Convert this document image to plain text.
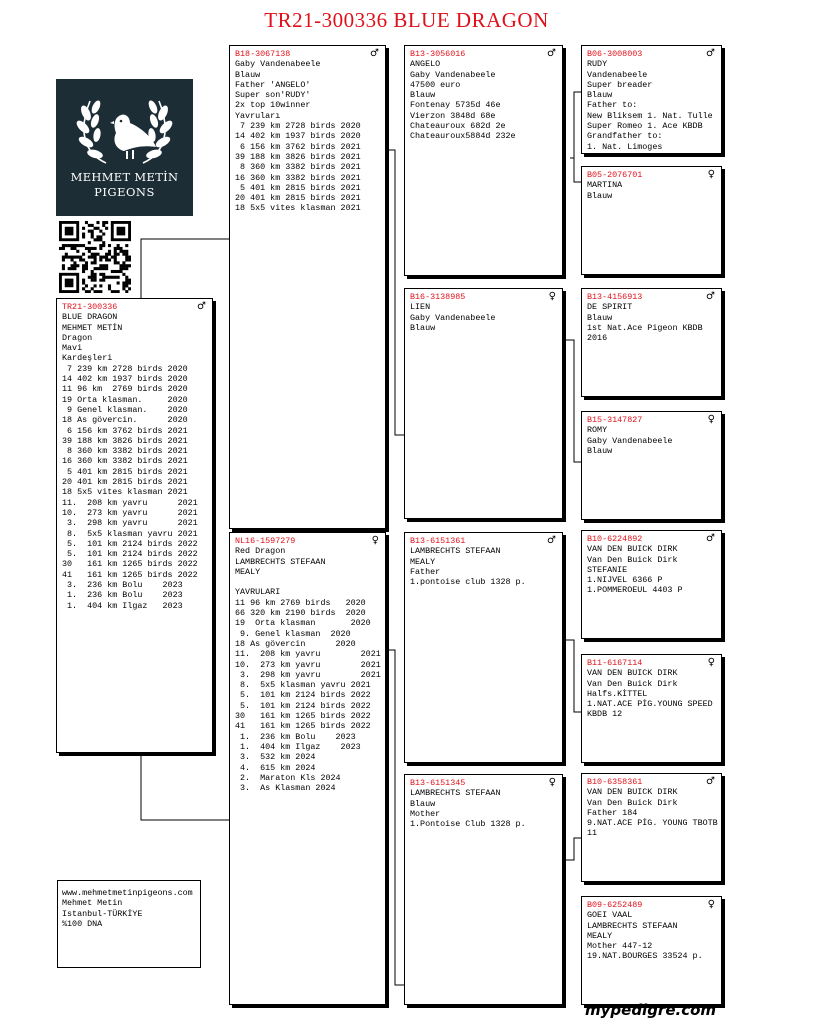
TR21-300336 BLUE DRAGON
MEHMET METİN
PIGEONS
TR21-300336	♂
BLUE DRAGON
MEHMET METİN
Dragon
Mavi
Kardeşleri
7 239 km 2728 birds 2020
14 402 km 1937 birds 2020
11 96 km  2769 birds 2020
19 Orta klasman.     2020
9 Genel klasman.    2020
18 As gövercin.      2020
6 156 km 3762 birds 2021
39 188 km 3826 birds 2021
8 360 km 3382 birds 2021
16 360 km 3382 birds 2021
5 401 km 2815 birds 2021
20 401 km 2815 birds 2021
18 5x5 vites klasman 2021
11.  208 km yavru      2021
10.  273 km yavru      2021
3.  298 km yavru      2021
8.  5x5 klasman yavru 2021
5.  101 km 2124 birds 2022
5.  101 km 2124 birds 2022
30   161 km 1265 birds 2022
41   161 km 1265 birds 2022
3.  236 km Bolu    2023
1.  236 km Bolu    2023
1.  404 km Ilgaz   2023
B18-3067138	♂
Gaby Vandenabeele
Blauw
Father 'ANGELO'
Super son'RUDY'
2x top 10winner
Yavruları
7 239 km 2728 birds 2020
14 402 km 1937 birds 2020
6 156 km 3762 birds 2021
39 188 km 3826 birds 2021
8 360 km 3382 birds 2021
16 360 km 3382 birds 2021
5 401 km 2815 birds 2021
20 401 km 2815 birds 2021
18 5x5 vites klasman 2021
NL16-1597279	♀
Red Dragon
LAMBRECHTS STEFAAN
MEALY

YAVRULARI
11 96 km 2769 birds   2020
66 320 km 2190 birds  2020
19  Orta klasman       2020
9. Genel klasman  2020
18 As gövercin      2020
11.  208 km yavru        2021
10.  273 km yavru        2021
3.  298 km yavru        2021
8.  5x5 klasman yavru 2021
5.  101 km 2124 birds 2022
5.  101 km 2124 birds 2022
30   161 km 1265 birds 2022
41   161 km 1265 birds 2022
1.  236 km Bolu    2023
1.  404 km Ilgaz    2023
3.  532 km 2024
4.  615 km 2024
2.  Maraton Kls 2024
3.  As Klasman 2024
B13-3056016	♂
ANGELO
Gaby Vandenabeele
47500 euro
Blauw
Fontenay 5735d 46e
Vierzon 3848d 68e
Chateauroux 682d 2e
Chateauroux5884d 232e
B16-3138985	♀
LIEN
Gaby Vandenabeele
Blauw
B13-6151361	♂
LAMBRECHTS STEFAAN
MEALY
Father
1.pontoise club 1328 p.
B13-6151345	♀
LAMBRECHTS STEFAAN
Blauw
Mother
1.Pontoise Club 1328 p.
B06-3008003	♂
RUDY
Vandenabeele
Super breader
Blauw
Father to:
New Bliksem 1. Nat. Tulle
Super Romeo 1. Ace KBDB
Grandfather to:
1. Nat. Limoges
B05-2076701	♀
MARTINA
Blauw
B13-4156913	♂
DE SPIRIT
Blauw
1st Nat.Ace Pigeon KBDB
2016
B15-3147827	♀
ROMY
Gaby Vandenabeele
Blauw
B10-6224892	♂
VAN DEN BUICK DIRK
Van Den Buick Dirk
STEFANIE
1.NIJVEL 6366 P
1.POMMEROEUL 4403 P
B11-6167114	♀
VAN DEN BUICK DIRK
Van Den Buick Dirk
Halfs.KİTTEL
1.NAT.ACE PİG.YOUNG SPEED
KBDB 12
B10-6358361	♂
VAN DEN BUICK DIRK
Van Den Buick Dirk
Father 184
9.NAT.ACE PİG. YOUNG TBOTB
11
B09-6252489	♀
GOEI VAAL
LAMBRECHTS STEFAAN
MEALY
Mother 447-12
19.NAT.BOURGES 33524 p.
www.mehmetmetinpigeons.com
Mehmet Metin
Istanbul-TÜRKİYE
%100 DNA
mypedigre.com
